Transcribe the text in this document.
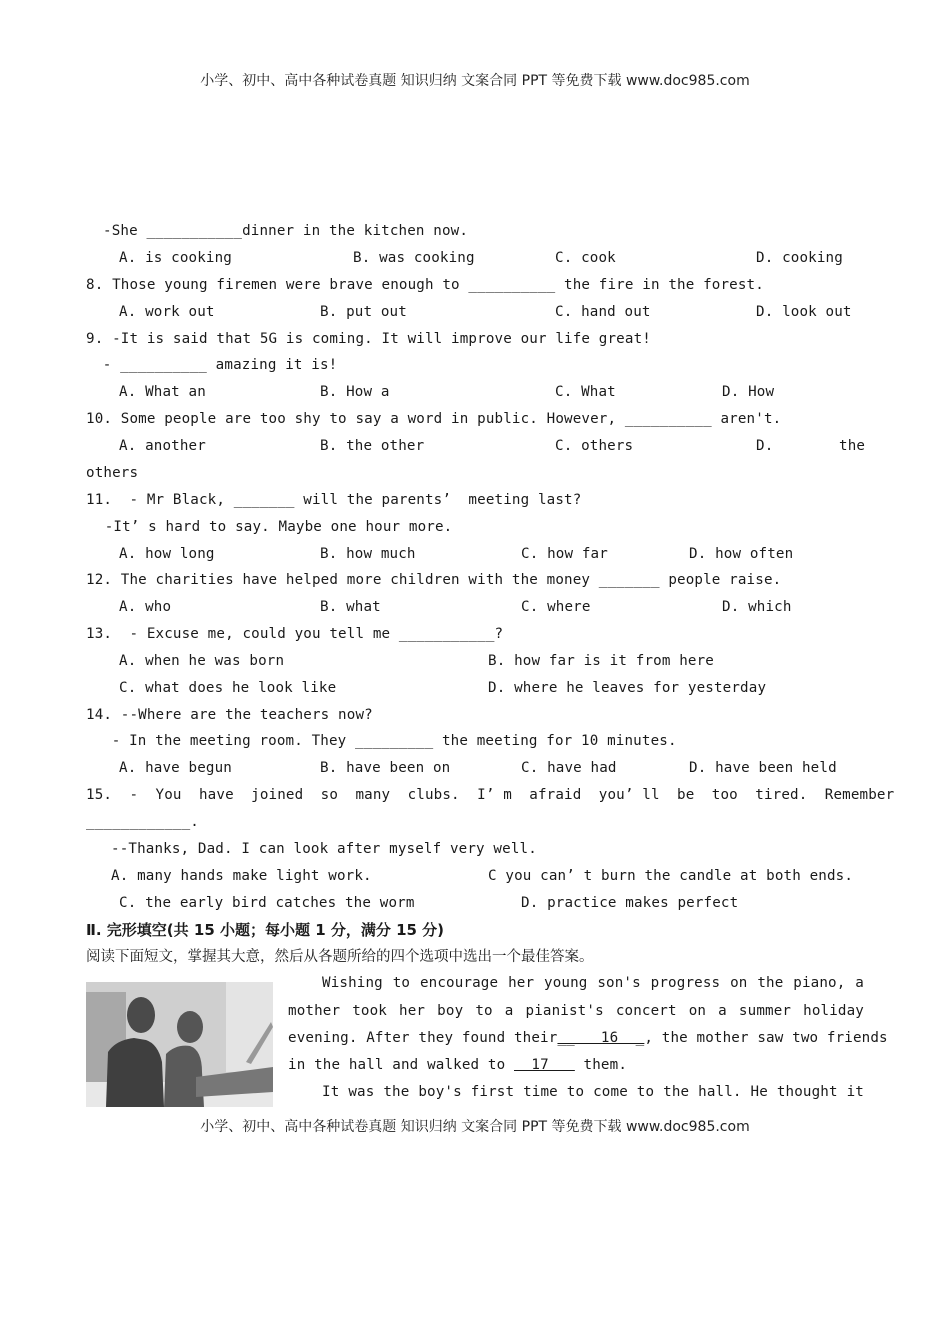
小学、初中、高中各种试卷真题 知识归纳 文案合同 PPT 等免费下载 www.doc985.com
-She ___________dinner in the kitchen now.
A. is cooking	B. was cooking	C. cook	D. cooking
8. Those young firemen were brave enough to __________ the fire in the forest.
A. work out	B. put out	C. hand out	D. look out
9. -It is said that 5G is coming. It will improve our life great!
- __________ amazing it is!
A. What an	B. How a	C. What	D. How
10. Some people are too shy to say a word in public. However, __________ aren't.
A. another	B. the other	C. others	D.	the
others
11.  - Mr Black, _______ will the parents’  meeting last?
-It’ s hard to say. Maybe one hour more.
A. how long	B. how much	C. how far	D. how often
12. The charities have helped more children with the money _______ people raise.
A. who	B. what	C. where	D. which
13.  - Excuse me, could you tell me ___________?
A. when he was born	B. how far is it from here
C. what does he look like	D. where he leaves for yesterday
14. --Where are the teachers now?
- In the meeting room. They _________ the meeting for 10 minutes.
A. have begun	B. have been on	C. have had	D. have been held
15.  -  You  have  joined  so  many  clubs.  I’ m  afraid  you’ ll  be  too  tired.  Remember
____________.
--Thanks, Dad. I can look after myself very well.
A. many hands make light work.	C you can’ t burn the candle at both ends.
C. the early bird catches the worm	D. practice makes perfect
Ⅱ. 完形填空(共 15 小题；每小题 1 分，满分 15 分)
阅读下面短文，掌握其大意，然后从各题所给的四个选项中选出一个最佳答案。
Wishing to encourage her young son's progress on the piano, a
mother took her boy to a pianist's concert on a summer holiday
evening. After they found their __   16  _ , the mother saw two friends
in the hall and walked to   17    them.
It was the boy's first time to come to the hall. He thought it
小学、初中、高中各种试卷真题 知识归纳 文案合同 PPT 等免费下载 www.doc985.com
